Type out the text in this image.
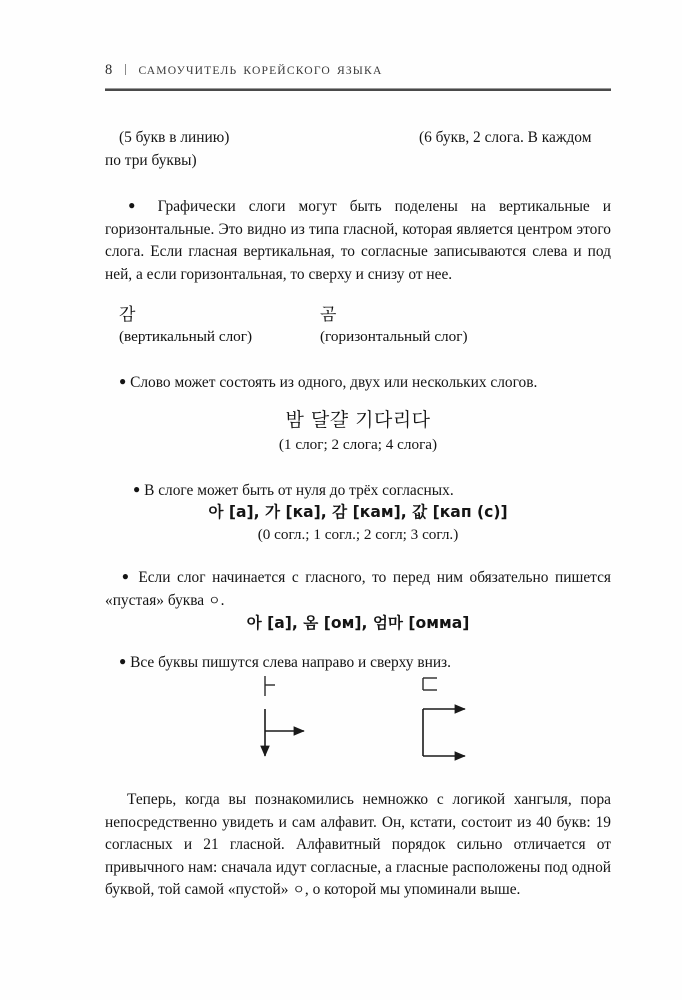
8 САМОУЧИТЕЛЬ КОРЕЙСКОГО ЯЗЫКА
(5 букв в линию)	(6 букв, 2 слога. В каждом по три буквы)
● Графически слоги могут быть поделены на вертикальные и горизонтальные. Это видно из типа гласной, которая является центром этого слога. Если гласная вертикальная, то согласные записываются слева и под ней, а если горизонтальная, то сверху и снизу от нее.
감
(вертикальный слог)
곰
(горизонтальный слог)
● Слово может состоять из одного, двух или нескольких слогов.
밤 달걀 기다리다
(1 слог; 2 слога; 4 слога)
● В слоге может быть от нуля до трёх согласных.
아 [а], 가 [ка], 감 [кам], 값 [кап (с)]
(0 согл.; 1 согл.; 2 согл; 3 согл.)
● Если слог начинается с гласного, то перед ним обязательно пишется «пустая» буква ㅇ.
아 [а], 옴 [ом], 엄마 [омма]
● Все буквы пишутся слева направо и сверху вниз.
Теперь, когда вы познакомились немножко с логикой хангыля, пора непосредственно увидеть и сам алфавит. Он, кстати, состоит из 40 букв: 19 согласных и 21 гласной. Алфавитный порядок сильно отличается от привычного нам: сначала идут согласные, а гласные расположены под одной буквой, той самой «пустой» ㅇ, о которой мы упоминали выше.
